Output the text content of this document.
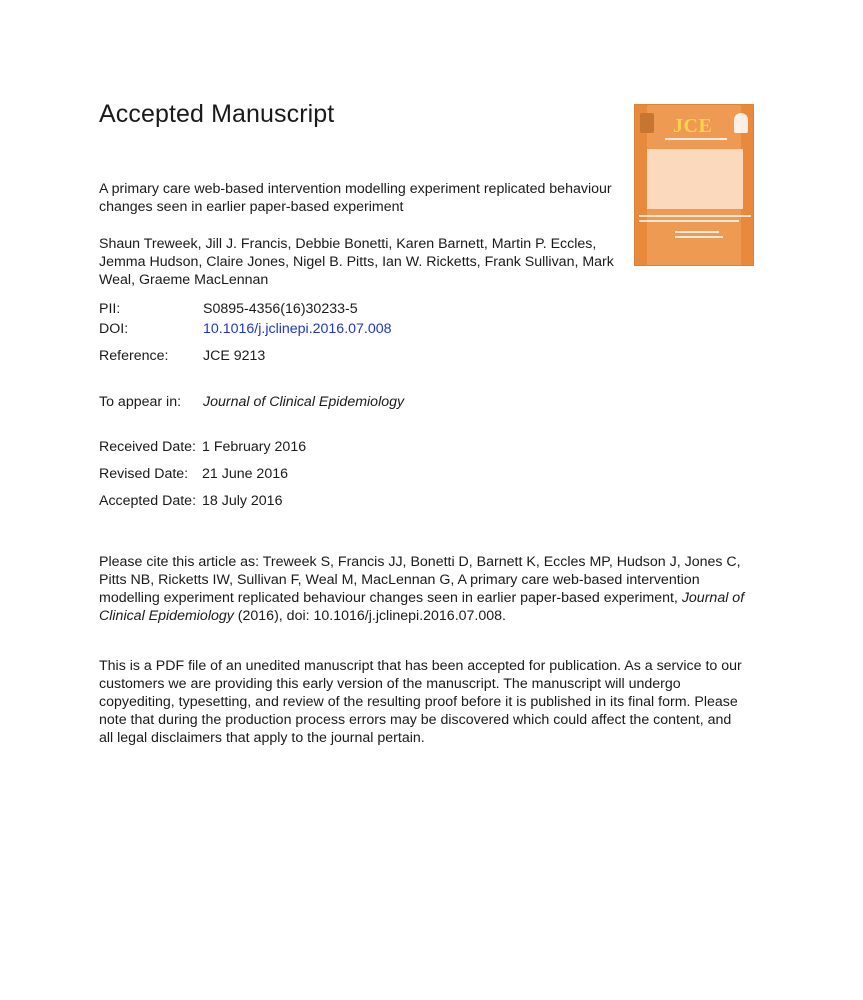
Accepted Manuscript

A primary care web-based intervention modelling experiment replicated behaviour changes seen in earlier paper-based experiment

Shaun Treweek, Jill J. Francis, Debbie Bonetti, Karen Barnett, Martin P. Eccles, Jemma Hudson, Claire Jones, Nigel B. Pitts, Ian W. Ricketts, Frank Sullivan, Mark Weal, Graeme MacLennan

PII:	S0895-4356(16)30233-5
DOI:	10.1016/j.jclinepi.2016.07.008
Reference: JCE 9213
To appear in: Journal of Clinical Epidemiology
Received Date: 1 February 2016
Revised Date: 21 June 2016
Accepted Date: 18 July 2016

Please cite this article as: Treweek S, Francis JJ, Bonetti D, Barnett K, Eccles MP, Hudson J, Jones C, Pitts NB, Ricketts IW, Sullivan F, Weal M, MacLennan G, A primary care web-based intervention modelling experiment replicated behaviour changes seen in earlier paper-based experiment, Journal of Clinical Epidemiology (2016), doi: 10.1016/j.jclinepi.2016.07.008.

This is a PDF file of an unedited manuscript that has been accepted for publication. As a service to our customers we are providing this early version of the manuscript. The manuscript will undergo copyediting, typesetting, and review of the resulting proof before it is published in its final form. Please note that during the production process errors may be discovered which could affect the content, and all legal disclaimers that apply to the journal pertain.

JCE
